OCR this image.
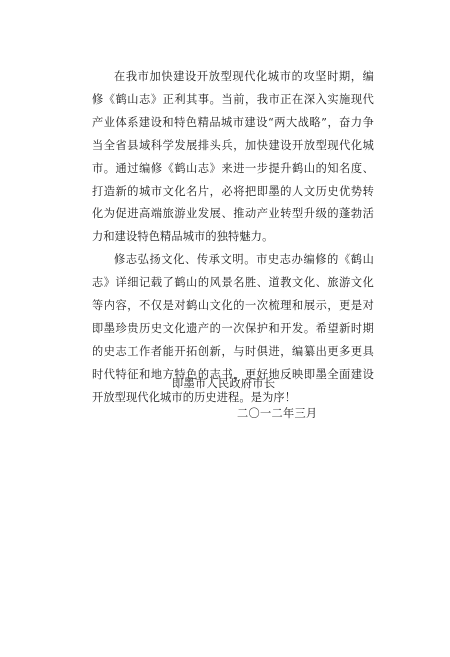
在我市加快建设开放型现代化城市的攻坚时期，编修《鹤山志》正利其事。当前，我市正在深入实施现代产业体系建设和特色精品城市建设“两大战略”，奋力争当全省县域科学发展排头兵，加快建设开放型现代化城市。通过编修《鹤山志》来进一步提升鹤山的知名度、打造新的城市文化名片，必将把即墨的人文历史优势转化为促进高端旅游业发展、推动产业转型升级的蓬勃活力和建设特色精品城市的独特魅力。

修志弘扬文化、传承文明。市史志办编修的《鹤山志》详细记载了鹤山的风景名胜、道教文化、旅游文化等内容，不仅是对鹤山文化的一次梳理和展示，更是对即墨珍贵历史文化遗产的一次保护和开发。希望新时期的史志工作者能开拓创新，与时俱进，编纂出更多更具时代特征和地方特色的志书，更好地反映即墨全面建设开放型现代化城市的历史进程。是为序！

即墨市人民政府市长

二〇一二年三月
